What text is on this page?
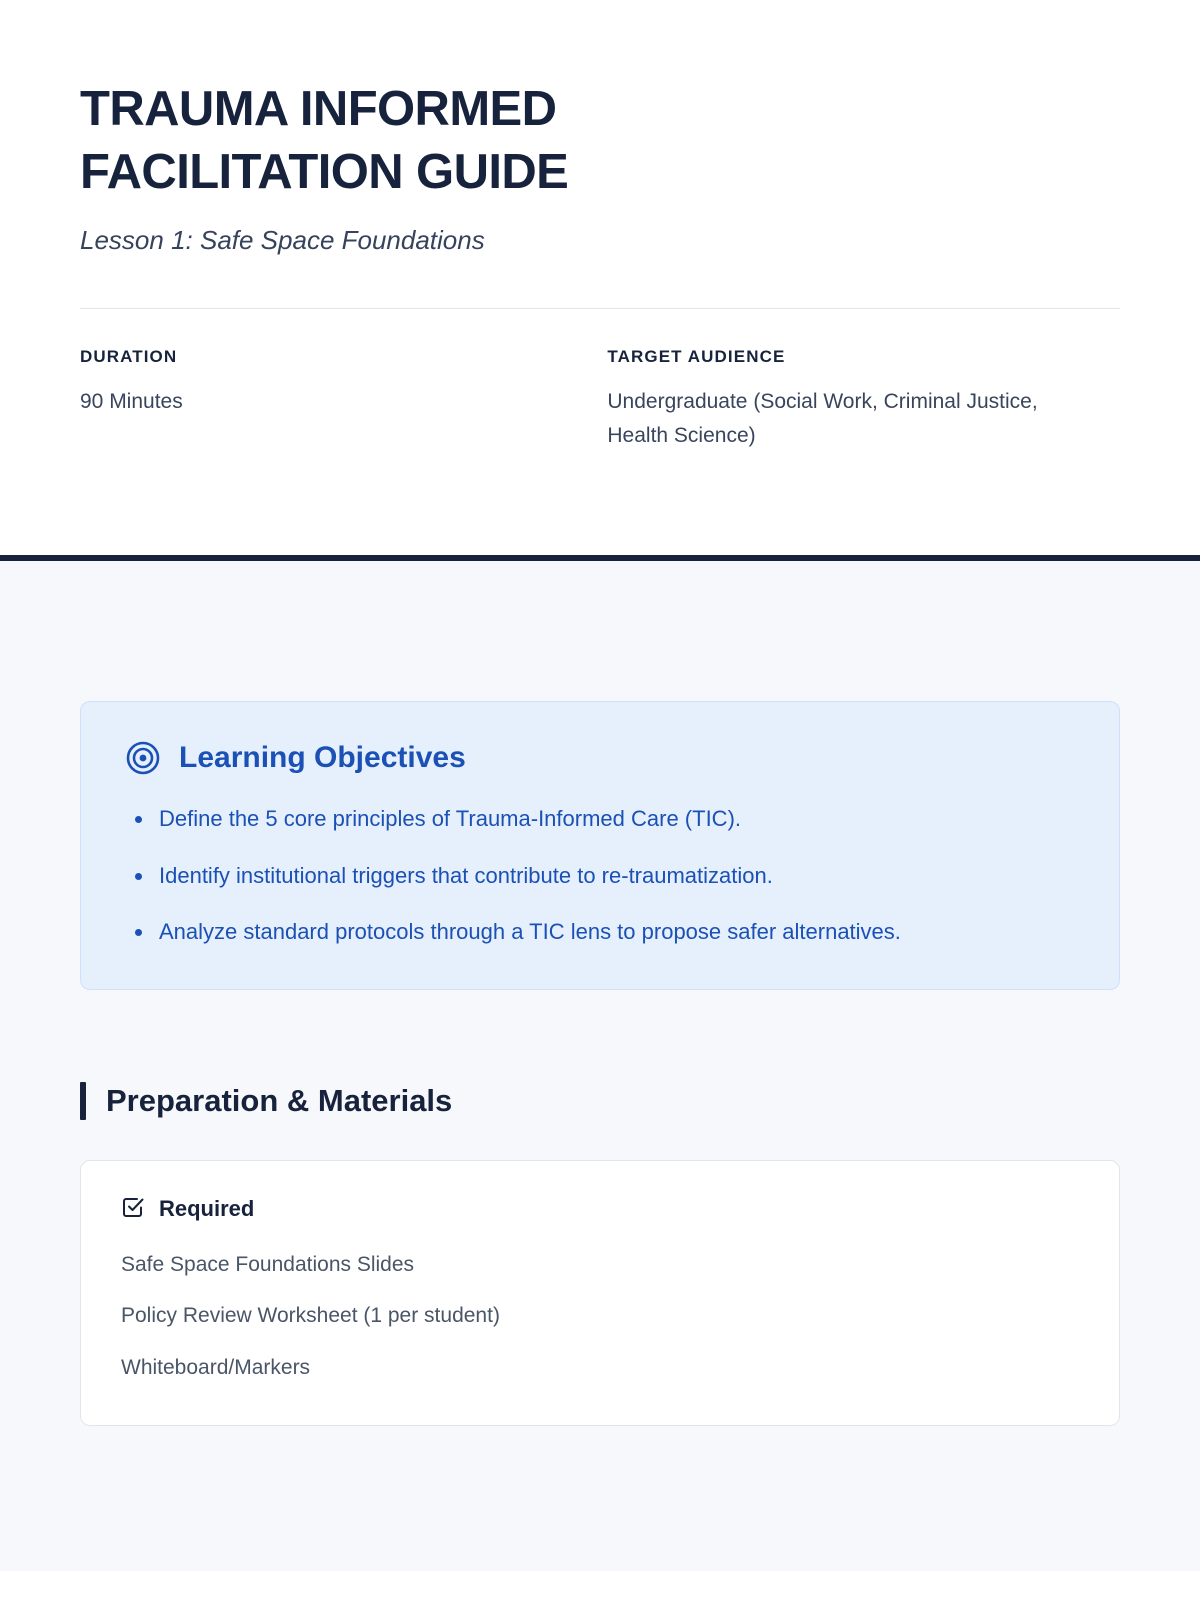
TRAUMA INFORMED FACILITATION GUIDE

Lesson 1: Safe Space Foundations

DURATION

90 Minutes

TARGET AUDIENCE

Undergraduate (Social Work, Criminal Justice, Health Science)

Learning Objectives
Define the 5 core principles of Trauma-Informed Care (TIC).
Identify institutional triggers that contribute to re-traumatization.
Analyze standard protocols through a TIC lens to propose safer alternatives.
Preparation & Materials
Required
Safe Space Foundations Slides
Policy Review Worksheet (1 per student)
Whiteboard/Markers
